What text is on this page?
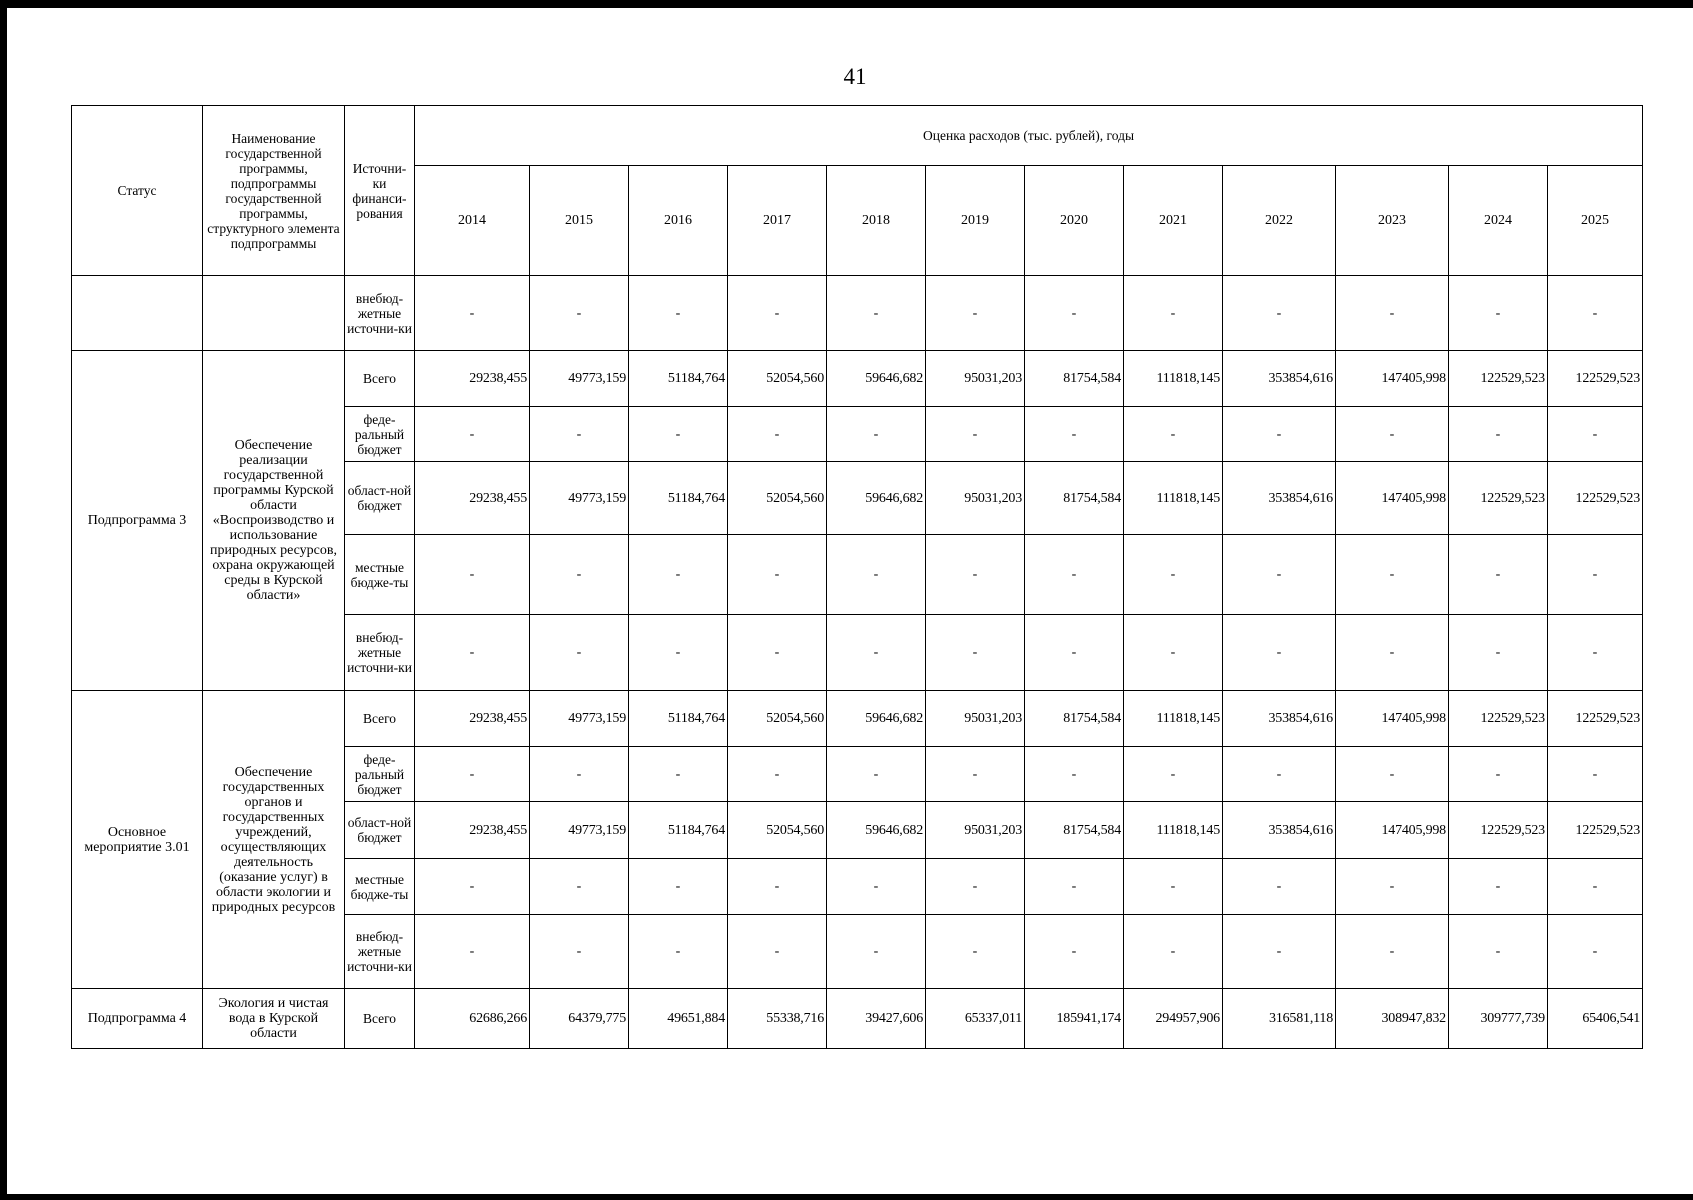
41
Статус	Наименование государственной программы, подпрограммы государственной программы, структурного элемента подпрограммы	Источни-ки финанси-рования	Оценка расходов (тыс. рублей), годы											
			2014	2015	2016	2017	2018	2019	2020	2021	2022	2023	2024	2025
		внебюд-жетные источни-ки	-	-	-	-	-	-	-	-	-	-	-	-
Подпрограмма 3	Обеспечение реализации государственной программы Курской области «Воспроизводство и использование природных ресурсов, охрана окружающей среды в Курской области»	Всего	29238,455	49773,159	51184,764	52054,560	59646,682	95031,203	81754,584	111818,145	353854,616	147405,998	122529,523	122529,523
		феде-ральный бюджет	-	-	-	-	-	-	-	-	-	-	-	-
		област-ной бюджет	29238,455	49773,159	51184,764	52054,560	59646,682	95031,203	81754,584	111818,145	353854,616	147405,998	122529,523	122529,523
		местные бюдже-ты	-	-	-	-	-	-	-	-	-	-	-	-
		внебюд-жетные источни-ки	-	-	-	-	-	-	-	-	-	-	-	-
Основное мероприятие 3.01	Обеспечение государственных органов и государственных учреждений, осуществляющих деятельность (оказание услуг) в области экологии и природных ресурсов	Всего	29238,455	49773,159	51184,764	52054,560	59646,682	95031,203	81754,584	111818,145	353854,616	147405,998	122529,523	122529,523
		феде-ральный бюджет	-	-	-	-	-	-	-	-	-	-	-	-
		област-ной бюджет	29238,455	49773,159	51184,764	52054,560	59646,682	95031,203	81754,584	111818,145	353854,616	147405,998	122529,523	122529,523
		местные бюдже-ты	-	-	-	-	-	-	-	-	-	-	-	-
		внебюд-жетные источни-ки	-	-	-	-	-	-	-	-	-	-	-	-
Подпрограмма 4	Экология и чистая вода в Курской области	Всего	62686,266	64379,775	49651,884	55338,716	39427,606	65337,011	185941,174	294957,906	316581,118	308947,832	309777,739	65406,541
